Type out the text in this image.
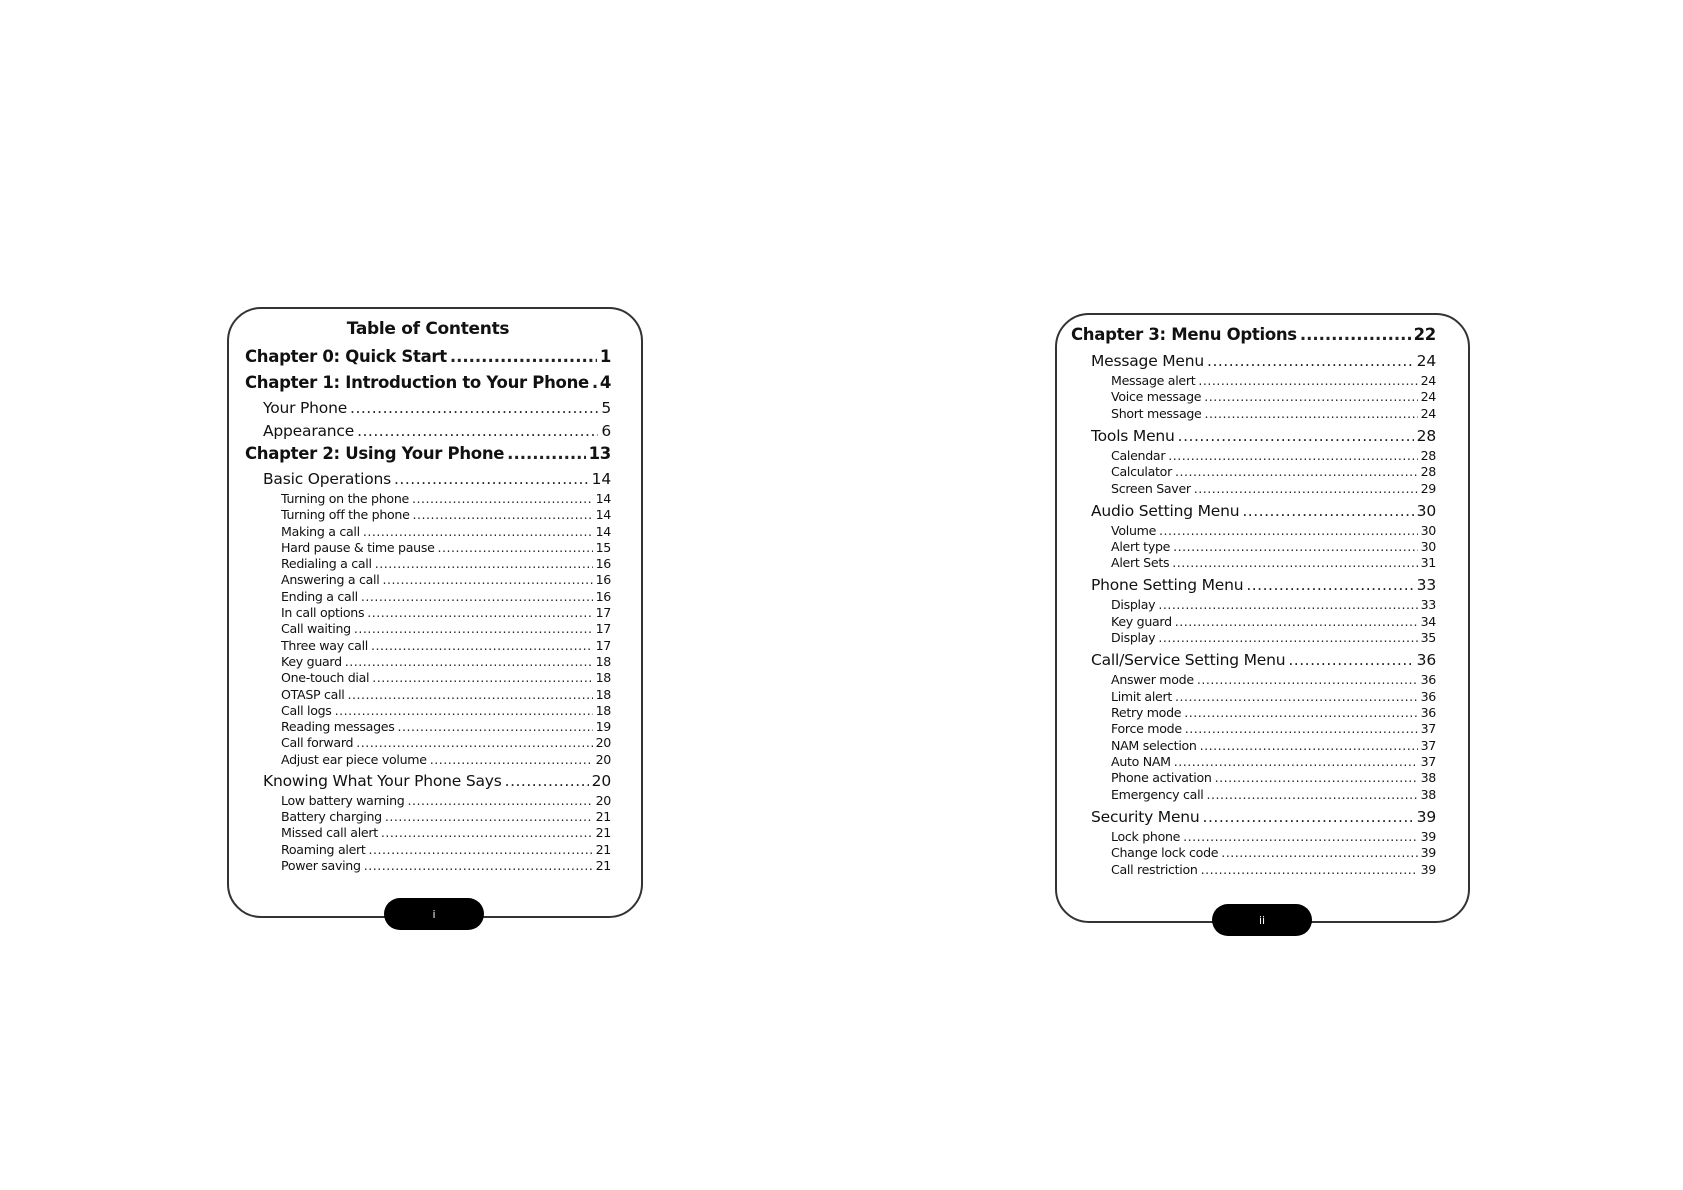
Table of Contents
Chapter 0: Quick Start .....	1
Chapter 1: Introduction to Your Phone ..... 4
Your Phone .....	5
Appearance .....	6
Chapter 2: Using Your Phone .....	13
Basic Operations .....	14
Turning on the phone .....	14
Turning off the phone .....	14
Making a call .....	14
Hard pause & time pause .....	15
Redialing a call .....	16
Answering a call .....	16
Ending a call .....	16
In call options .....	17
Call waiting .....	17
Three way call .....	17
Key guard .....	18
One-touch dial .....	18
OTASP call .....	18
Call logs .....	18
Reading messages .....	19
Call forward .....	20
Adjust ear piece volume .....	20
Knowing What Your Phone Says .....	20
Low battery warning .....	20
Battery charging .....	21
Missed call alert .....	21
Roaming alert .....	21
Power saving .....	21
i
Chapter 3: Menu Options .....	22
Message Menu .....	24
Message alert .....	24
Voice message .....	24
Short message .....	24
Tools Menu .....	28
Calendar .....	28
Calculator .....	28
Screen Saver .....	29
Audio Setting Menu .....	30
Volume .....	30
Alert type .....	30
Alert Sets .....	31
Phone Setting Menu .....	33
Display .....	33
Key guard .....	34
Display .....	35
Call/Service Setting Menu .....	36
Answer mode .....	36
Limit alert .....	36
Retry mode .....	36
Force mode .....	37
NAM selection .....	37
Auto NAM .....	37
Phone activation .....	38
Emergency call .....	38
Security Menu .....	39
Lock phone .....	39
Change lock code .....	39
Call restriction .....	39
ii
